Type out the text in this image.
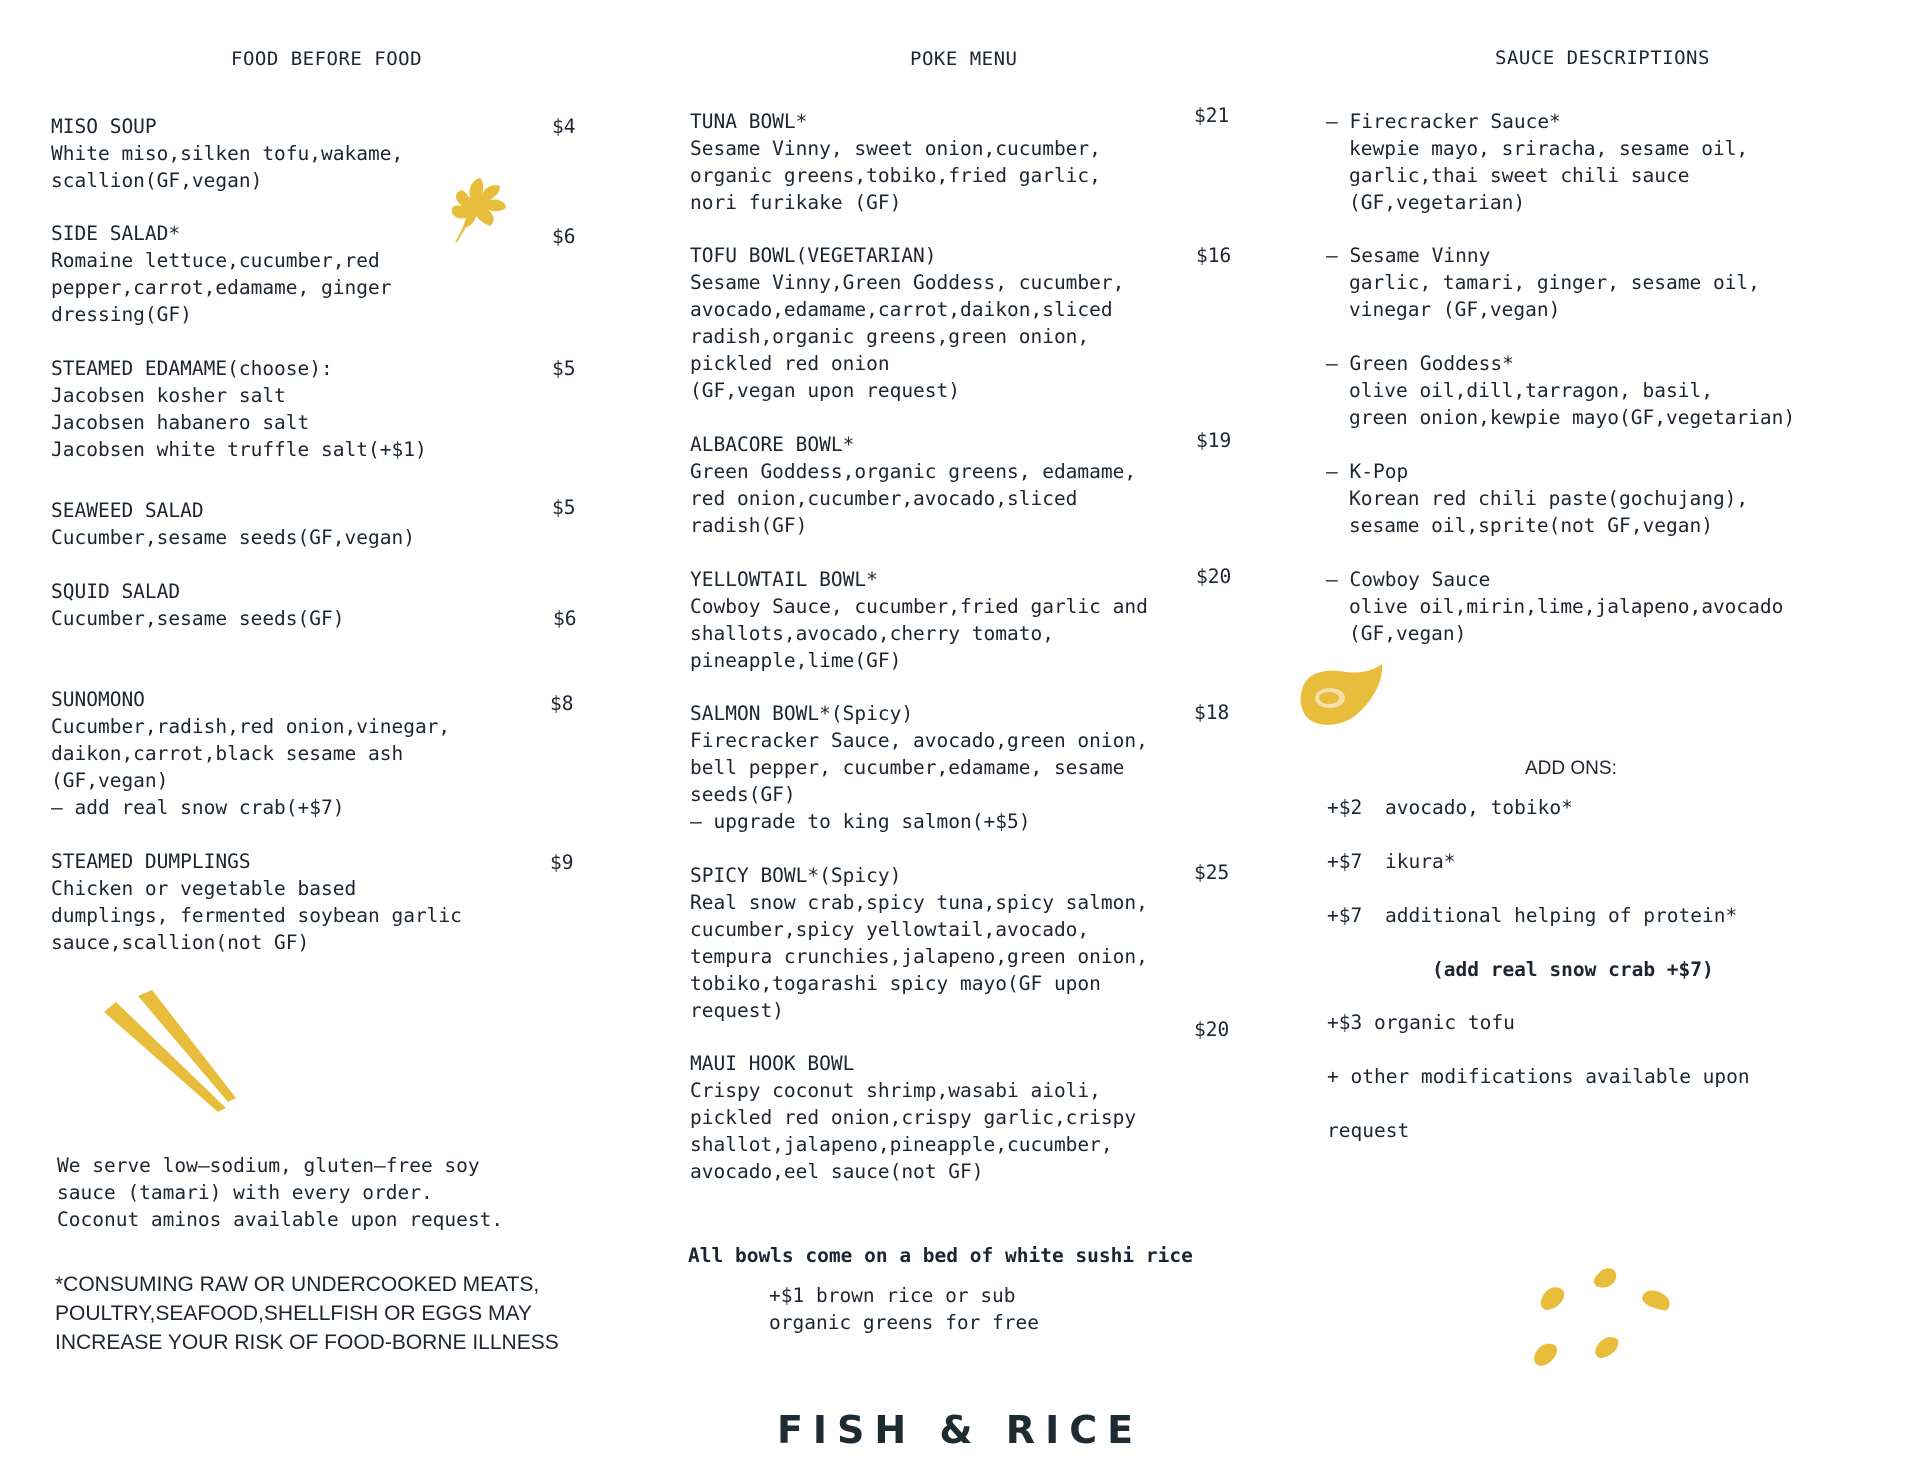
FOOD BEFORE FOOD	POKE MENU	SAUCE DESCRIPTIONS
MISO SOUP
White miso,silken tofu,wakame,
scallion(GF,vegan)
$4
SIDE SALAD*
Romaine lettuce,cucumber,red
pepper,carrot,edamame, ginger
dressing(GF)
$6
STEAMED EDAMAME(choose):
Jacobsen kosher salt
Jacobsen habanero salt
Jacobsen white truffle salt(+$1)
$5
SEAWEED SALAD
Cucumber,sesame seeds(GF,vegan)
$5
SQUID SALAD
Cucumber,sesame seeds(GF)	$6
SUNOMONO
Cucumber,radish,red onion,vinegar,
daikon,carrot,black sesame ash
(GF,vegan)
— add real snow crab(+$7)
$8
STEAMED DUMPLINGS
Chicken or vegetable based
dumplings, fermented soybean garlic
sauce,scallion(not GF)
$9
We serve low—sodium, gluten—free soy
sauce (tamari) with every order.
Coconut aminos available upon request.
*CONSUMING RAW OR UNDERCOOKED MEATS,
POULTRY,SEAFOOD,SHELLFISH OR EGGS MAY
INCREASE YOUR RISK OF FOOD-BORNE ILLNESS
TUNA BOWL*
Sesame Vinny, sweet onion,cucumber,
organic greens,tobiko,fried garlic,
nori furikake (GF)
$21
TOFU BOWL(VEGETARIAN)
Sesame Vinny,Green Goddess, cucumber,
avocado,edamame,carrot,daikon,sliced
radish,organic greens,green onion,
pickled red onion
(GF,vegan upon request)
$16
ALBACORE BOWL*
Green Goddess,organic greens, edamame,
red onion,cucumber,avocado,sliced
radish(GF)
$19
YELLOWTAIL BOWL*
Cowboy Sauce, cucumber,fried garlic and
shallots,avocado,cherry tomato,
pineapple,lime(GF)
$20
SALMON BOWL*(Spicy)
Firecracker Sauce, avocado,green onion,
bell pepper, cucumber,edamame, sesame
seeds(GF)
— upgrade to king salmon(+$5)
$18
SPICY BOWL*(Spicy)
Real snow crab,spicy tuna,spicy salmon,
cucumber,spicy yellowtail,avocado,
tempura crunchies,jalapeno,green onion,
tobiko,togarashi spicy mayo(GF upon
request)
$25
MAUI HOOK BOWL
Crispy coconut shrimp,wasabi aioli,
pickled red onion,crispy garlic,crispy
shallot,jalapeno,pineapple,cucumber,
avocado,eel sauce(not GF)
$20
All bowls come on a bed of white sushi rice
+$1 brown rice or sub
organic greens for free
— Firecracker Sauce*
kewpie mayo, sriracha, sesame oil,
garlic,thai sweet chili sauce
(GF,vegetarian)
— Sesame Vinny
garlic, tamari, ginger, sesame oil,
vinegar (GF,vegan)
— Green Goddess*
olive oil,dill,tarragon, basil,
green onion,kewpie mayo(GF,vegetarian)
— K-Pop
Korean red chili paste(gochujang),
sesame oil,sprite(not GF,vegan)
— Cowboy Sauce
olive oil,mirin,lime,jalapeno,avocado
(GF,vegan)
ADD ONS:
+$2 avocado, tobiko*
+$7 ikura*
+$7 additional helping of protein*
(add real snow crab +$7)
+$3 organic tofu
+ other modifications available upon
request
FISH & RICE
